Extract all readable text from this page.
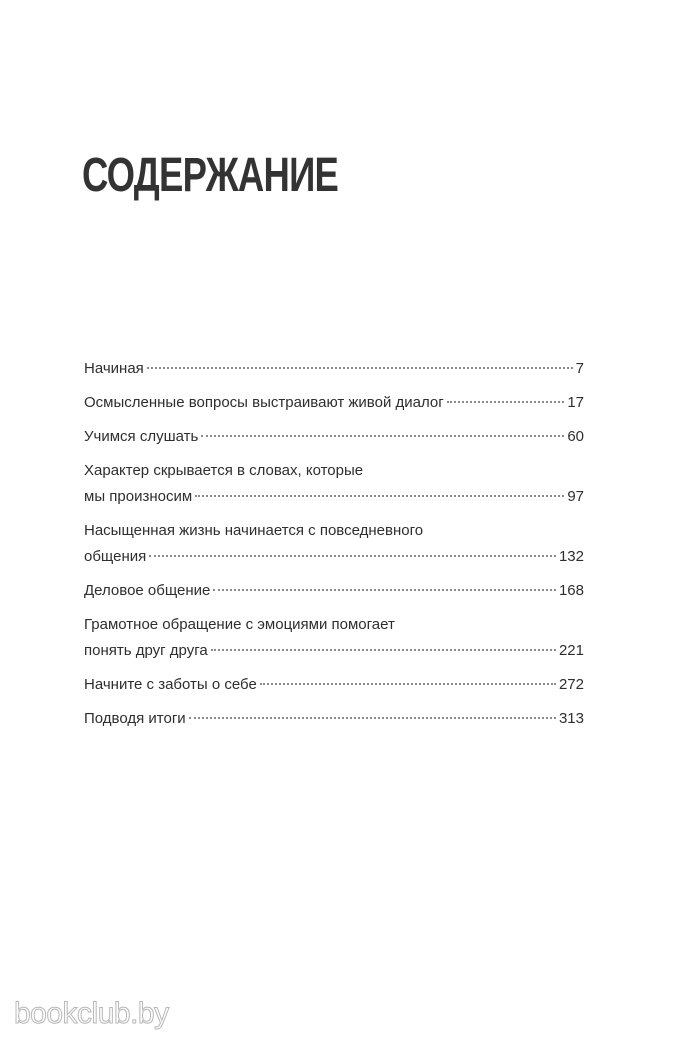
СОДЕРЖАНИЕ
Начиная	7
Осмысленные вопросы выстраивают живой диалог	17
Учимся слушать	60
Характер скрывается в словах, которые
мы произносим	97
Насыщенная жизнь начинается с повседневного
общения	132
Деловое общение	168
Грамотное обращение с эмоциями помогает
понять друг друга	221
Начните с заботы о себе	272
Подводя итоги	313
bookclub.by
